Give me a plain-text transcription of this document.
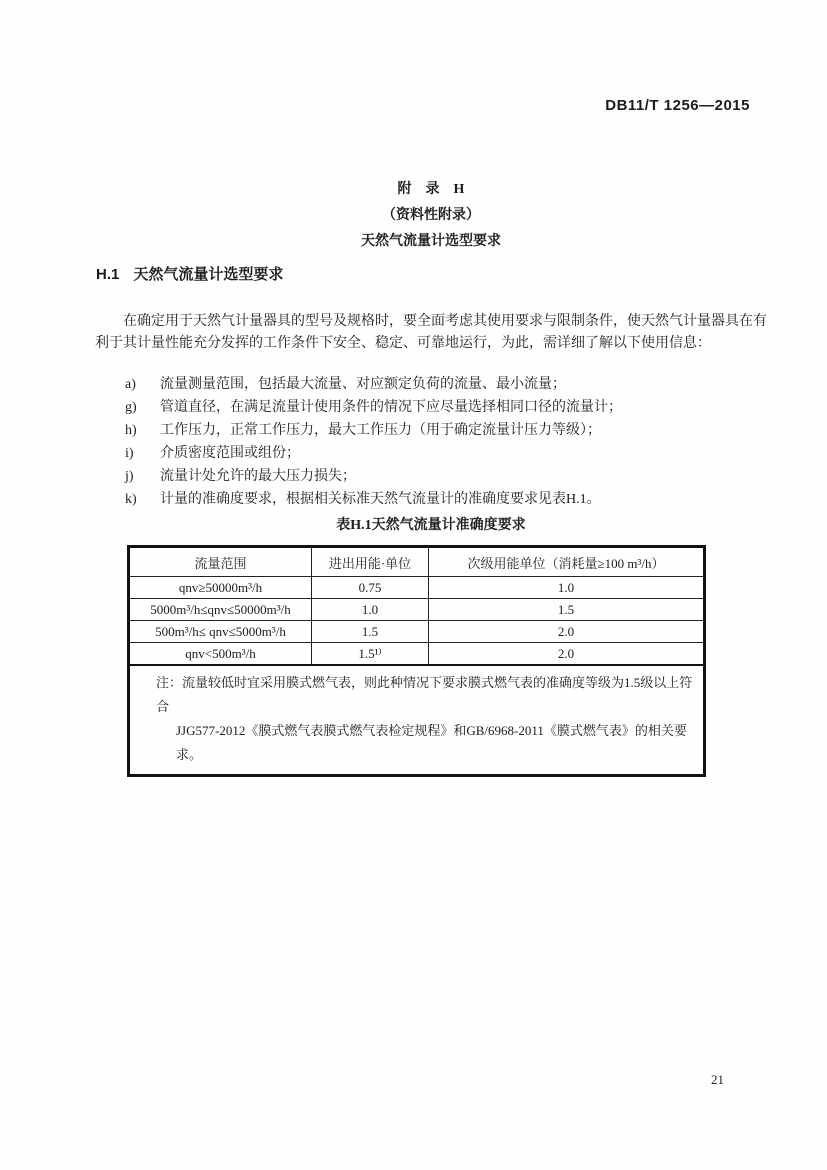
DB11/T 1256—2015
附　录　H
（资料性附录）
天然气流量计选型要求
H.1 天然气流量计选型要求
在确定用于天然气计量器具的型号及规格时，要全面考虑其使用要求与限制条件，使天然气计量器具在有利于其计量性能充分发挥的工作条件下安全、稳定、可靠地运行，为此，需详细了解以下使用信息：
a)	流量测量范围，包括最大流量、对应额定负荷的流量、最小流量；
g)	管道直径，在满足流量计使用条件的情况下应尽量选择相同口径的流量计；
h)	工作压力，正常工作压力，最大工作压力（用于确定流量计压力等级）；
i)	介质密度范围或组份；
j)	流量计处允许的最大压力损失；
k)	计量的准确度要求，根据相关标准天然气流量计的准确度要求见表H.1。
表H.1天然气流量计准确度要求
流量范围	进出用能·单位	次级用能单位（消耗量≥100 m³/h）
qnv≥50000m³/h	0.75	1.0
5000m³/h≤qnv≤50000m³/h	1.0	1.5
500m³/h≤ qnv≤5000m³/h	1.5	2.0
qnv<500m³/h	1.5¹⁾	2.0

注：流量较低时宜采用膜式燃气表，则此种情况下要求膜式燃气表的准确度等级为1.5级以上符合
JJG577-2012《膜式燃气表膜式燃气表检定规程》和GB/6968-2011《膜式燃气表》的相关要求。		
21
